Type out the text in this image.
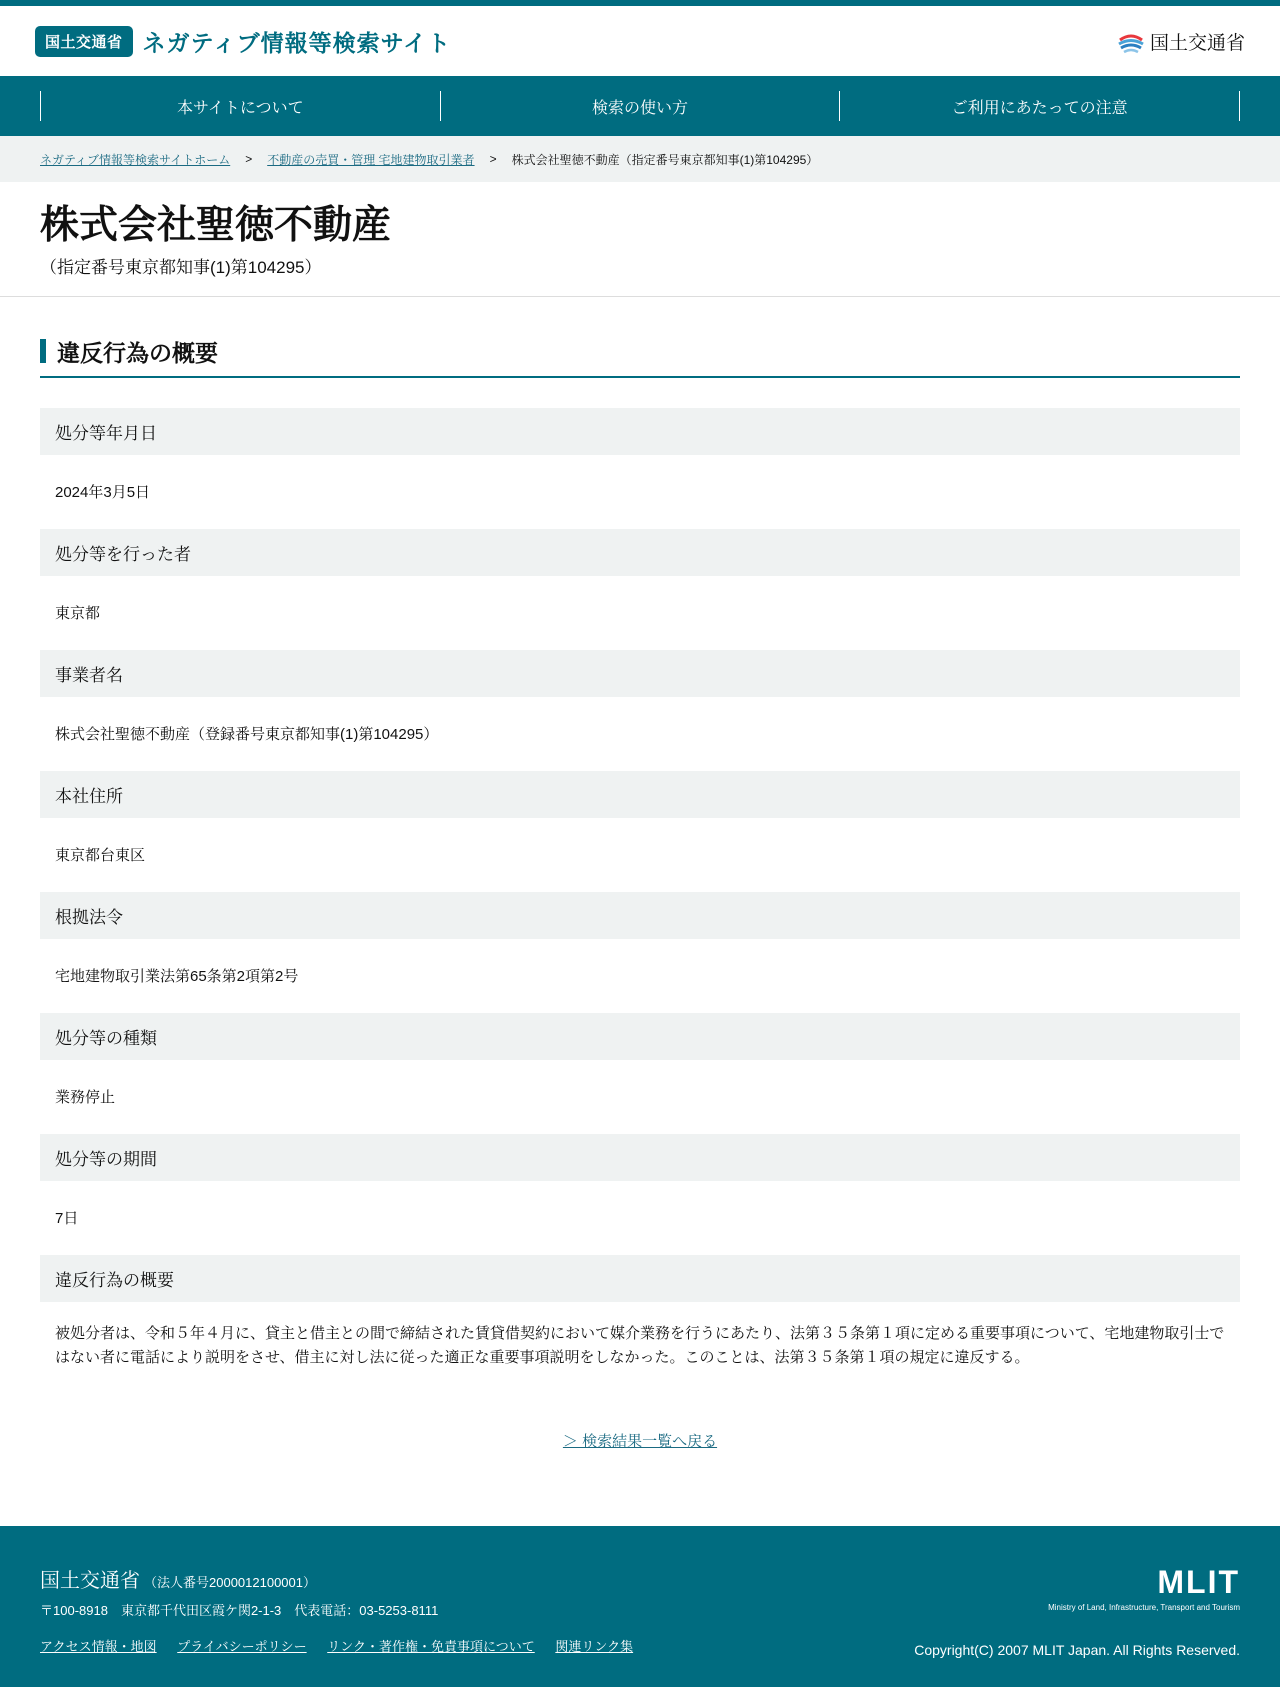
国土交通省 ネガティブ情報等検索サイト	国土交通省
本サイトについて	検索の使い方	ご利用にあたっての注意
ネガティブ情報等検索サイトホーム > 不動産の売買・管理 宅地建物取引業者 > 株式会社聖徳不動産（指定番号東京都知事(1)第104295）
株式会社聖徳不動産
（指定番号東京都知事(1)第104295）
違反行為の概要
処分等年月日
2024年3月5日
処分等を行った者
東京都
事業者名
株式会社聖徳不動産（登録番号東京都知事(1)第104295）
本社住所
東京都台東区
根拠法令
宅地建物取引業法第65条第2項第2号
処分等の種類
業務停止
処分等の期間
7日
違反行為の概要
被処分者は、令和５年４月に、貸主と借主との間で締結された賃貸借契約において媒介業務を行うにあたり、法第３５条第１項に定める重要事項について、宅地建物取引士ではない者に電話により説明をさせ、借主に対し法に従った適正な重要事項説明をしなかった。このことは、法第３５条第１項の規定に違反する。
＞ 検索結果一覧へ戻る
国土交通省 （法人番号2000012100001）
〒100-8918　東京都千代田区霞ケ関2-1-3　代表電話：03-5253-8111
アクセス情報・地図 プライバシーポリシー リンク・著作権・免責事項について 関連リンク集
MLIT
Ministry of Land, Infrastructure, Transport and Tourism
Copyright(C) 2007 MLIT Japan. All Rights Reserved.
